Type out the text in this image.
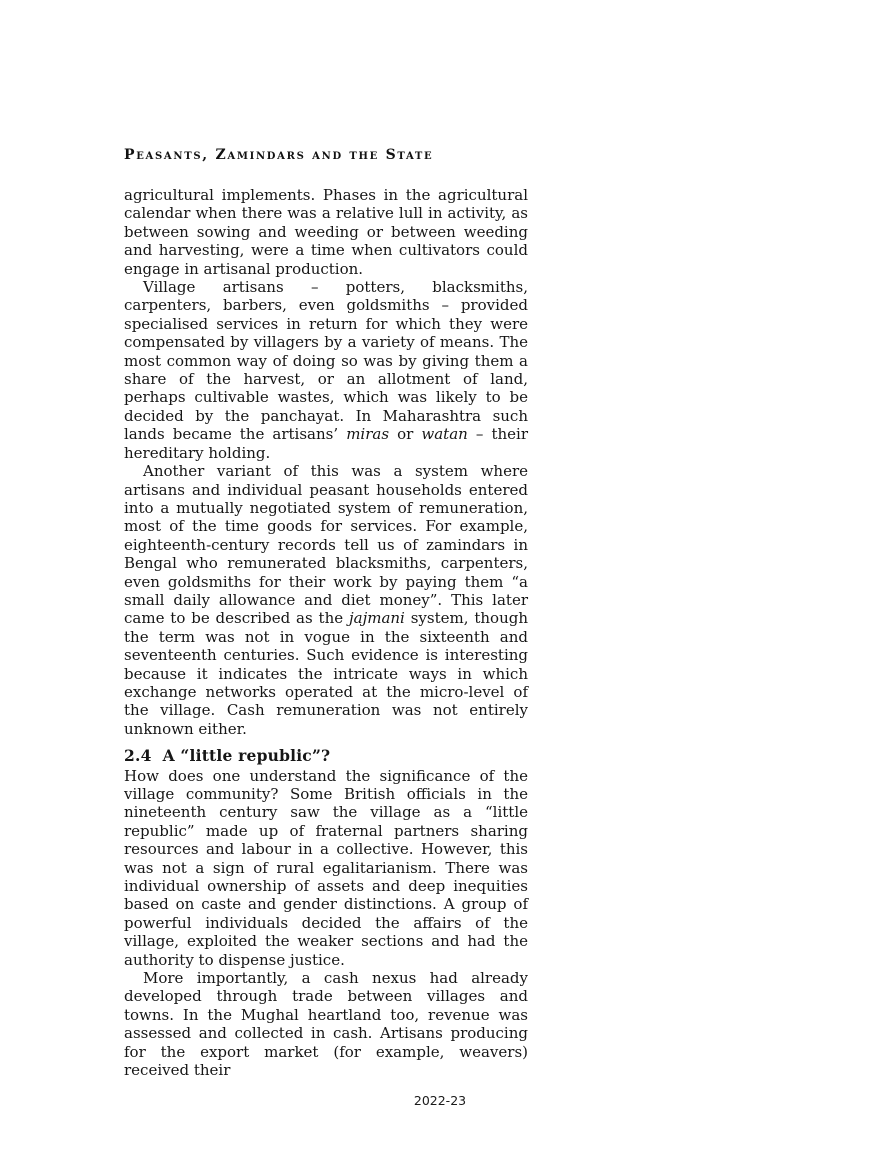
Peasants, Zamindars and the State

agricultural implements. Phases in the agricultural calendar when there was a relative lull in activity, as between sowing and weeding or between weeding and harvesting, were a time when cultivators could engage in artisanal production.

Village artisans – potters, blacksmiths, carpenters, barbers, even goldsmiths – provided specialised services in return for which they were compensated by villagers by a variety of means. The most common way of doing so was by giving them a share of the harvest, or an allotment of land, perhaps cultivable wastes, which was likely to be decided by the panchayat. In Maharashtra such lands became the artisans’ miras or watan – their hereditary holding.

Another variant of this was a system where artisans and individual peasant households entered into a mutually negotiated system of remuneration, most of the time goods for services. For example, eighteenth-century records tell us of zamindars in Bengal who remunerated blacksmiths, carpenters, even goldsmiths for their work by paying them “a small daily allowance and diet money”. This later came to be described as the jajmani system, though the term was not in vogue in the sixteenth and seventeenth centuries. Such evidence is interesting because it indicates the intricate ways in which exchange networks operated at the micro-level of the village. Cash remuneration was not entirely unknown either.

2.4 A “little republic”?

How does one understand the significance of the village community? Some British officials in the nineteenth century saw the village as a “little republic” made up of fraternal partners sharing resources and labour in a collective. However, this was not a sign of rural egalitarianism. There was individual ownership of assets and deep inequities based on caste and gender distinctions. A group of powerful individuals decided the affairs of the village, exploited the weaker sections and had the authority to dispense justice.

More importantly, a cash nexus had already developed through trade between villages and towns. In the Mughal heartland too, revenue was assessed and collected in cash. Artisans producing for the export market (for example, weavers) received their

2022-23
